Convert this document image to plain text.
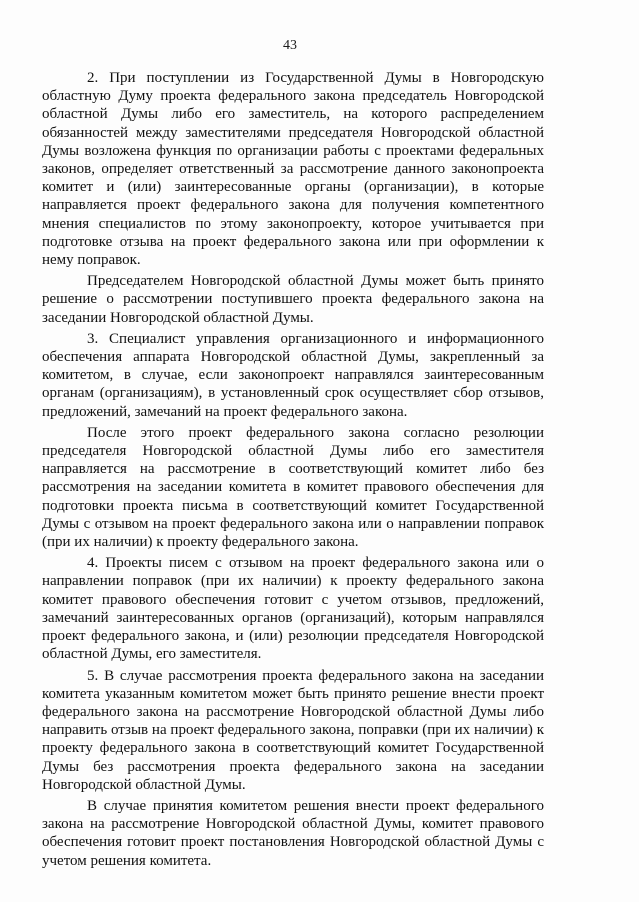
43

2. При поступлении из Государственной Думы в Новгородскую областную Думу проекта федерального закона председатель Новгородской областной Думы либо его заместитель, на которого распределением обязанностей между заместителями председателя Новгородской областной Думы возложена функция по организации работы с проектами федеральных законов, определяет ответственный за рассмотрение данного законопроекта комитет и (или) заинтересованные органы (организации), в которые направляется проект федерального закона для получения компетентного мнения специалистов по этому законопроекту, которое учитывается при подготовке отзыва на проект федерального закона или при оформлении к нему поправок.

Председателем Новгородской областной Думы может быть принято решение о рассмотрении поступившего проекта федерального закона на заседании Новгородской областной Думы.

3. Специалист управления организационного и информационного обеспечения аппарата Новгородской областной Думы, закрепленный за комитетом, в случае, если законопроект направлялся заинтересованным органам (организациям), в установленный срок осуществляет сбор отзывов, предложений, замечаний на проект федерального закона.

После этого проект федерального закона согласно резолюции председателя Новгородской областной Думы либо его заместителя направляется на рассмотрение в соответствующий комитет либо без рассмотрения на заседании комитета в комитет правового обеспечения для подготовки проекта письма в соответствующий комитет Государственной Думы с отзывом на проект федерального закона или о направлении поправок (при их наличии) к проекту федерального закона.

4. Проекты писем с отзывом на проект федерального закона или о направлении поправок (при их наличии) к проекту федерального закона комитет правового обеспечения готовит с учетом отзывов, предложений, замечаний заинтересованных органов (организаций), которым направлялся проект федерального закона, и (или) резолюции председателя Новгородской областной Думы, его заместителя.

5. В случае рассмотрения проекта федерального закона на заседании комитета указанным комитетом может быть принято решение внести проект федерального закона на рассмотрение Новгородской областной Думы либо направить отзыв на проект федерального закона, поправки (при их наличии) к проекту федерального закона в соответствующий комитет Государственной Думы без рассмотрения проекта федерального закона на заседании Новгородской областной Думы.

В случае принятия комитетом решения внести проект федерального закона на рассмотрение Новгородской областной Думы, комитет правового обеспечения готовит проект постановления Новгородской областной Думы с учетом решения комитета.
